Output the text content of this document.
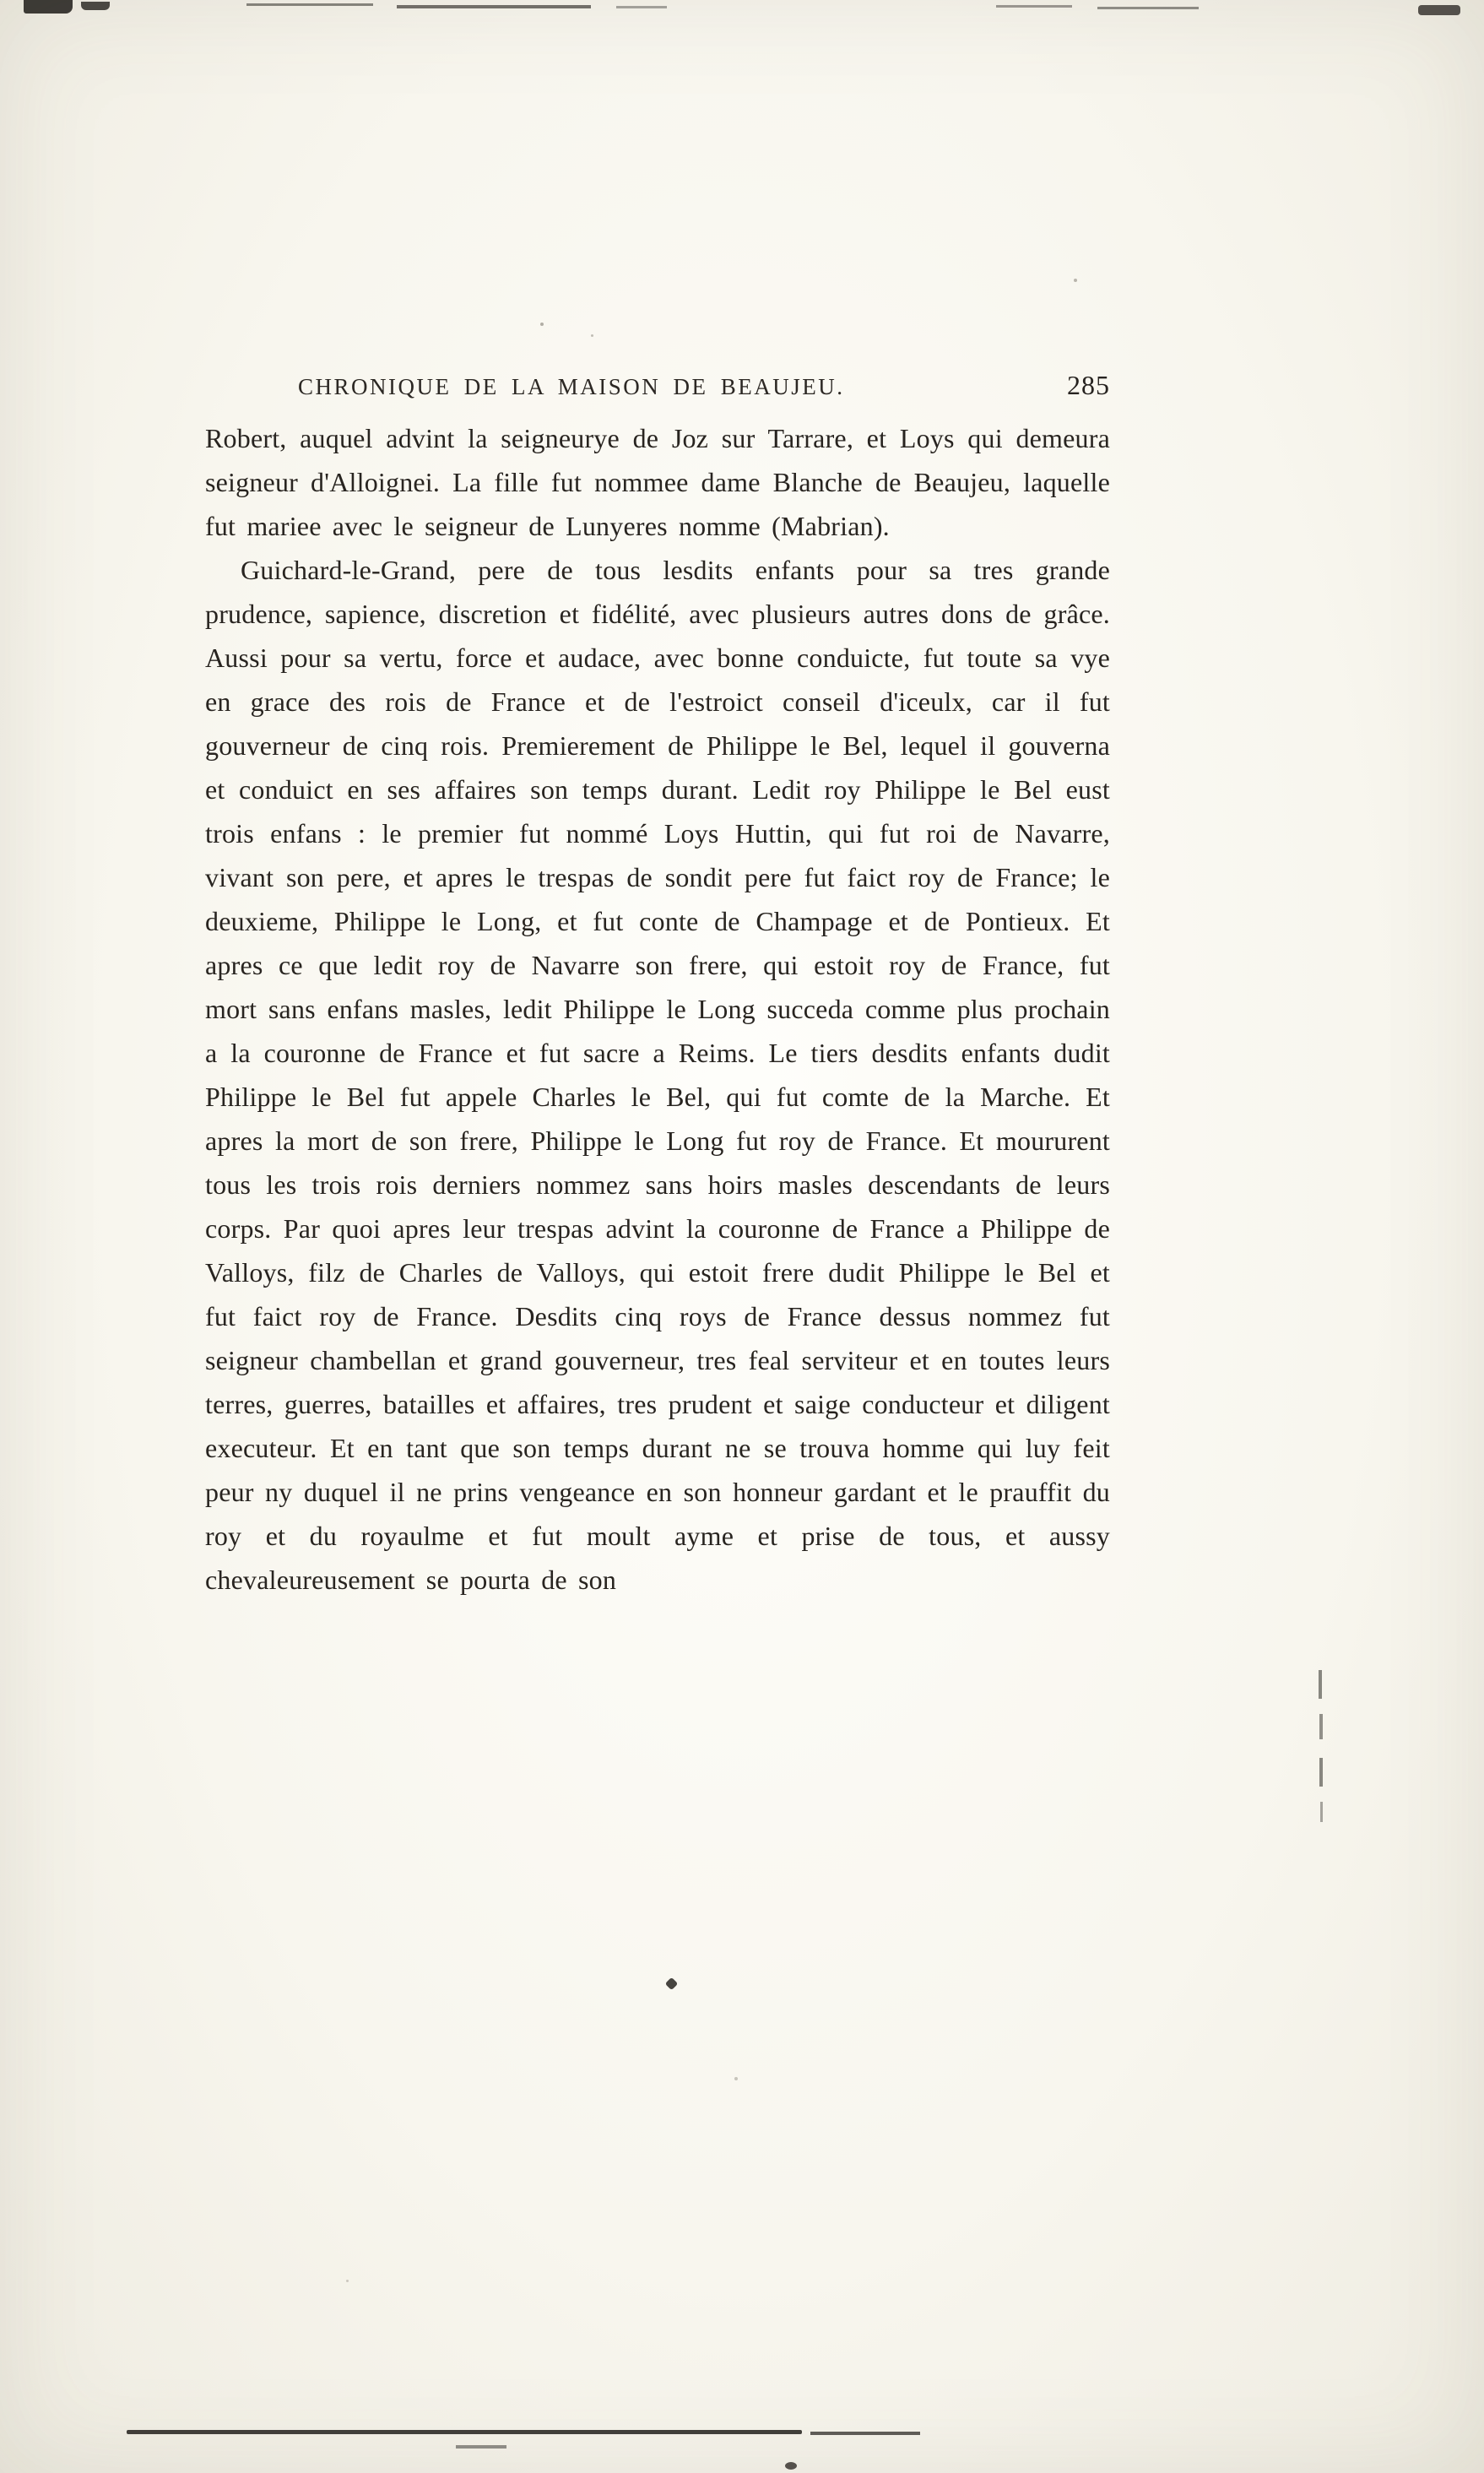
CHRONIQUE DE LA MAISON DE BEAUJEU.	285

Robert, auquel advint la seigneurye de Joz sur Tarrare, et Loys qui demeura seigneur d'Alloignei. La fille fut nommee dame Blanche de Beaujeu, laquelle fut mariee avec le seigneur de Lunyeres nomme (Mabrian).

Guichard-le-Grand, pere de tous lesdits enfants pour sa tres grande prudence, sapience, discretion et fidélité, avec plusieurs autres dons de grâce. Aussi pour sa vertu, force et audace, avec bonne conduicte, fut toute sa vye en grace des rois de France et de l'estroict conseil d'iceulx, car il fut gouverneur de cinq rois. Premierement de Philippe le Bel, lequel il gouverna et conduict en ses affaires son temps durant. Ledit roy Philippe le Bel eust trois enfans : le premier fut nommé Loys Huttin, qui fut roi de Navarre, vivant son pere, et apres le trespas de sondit pere fut faict roy de France; le deuxieme, Philippe le Long, et fut conte de Champage et de Pontieux. Et apres ce que ledit roy de Navarre son frere, qui estoit roy de France, fut mort sans enfans masles, ledit Philippe le Long succeda comme plus prochain a la couronne de France et fut sacre a Reims. Le tiers desdits enfants dudit Philippe le Bel fut appele Charles le Bel, qui fut comte de la Marche. Et apres la mort de son frere, Philippe le Long fut roy de France. Et moururent tous les trois rois derniers nommez sans hoirs masles descendants de leurs corps. Par quoi apres leur trespas advint la couronne de France a Philippe de Valloys, filz de Charles de Valloys, qui estoit frere dudit Philippe le Bel et fut faict roy de France. Desdits cinq roys de France dessus nommez fut seigneur chambellan et grand gouverneur, tres feal serviteur et en toutes leurs terres, guerres, batailles et affaires, tres prudent et saige conducteur et diligent executeur. Et en tant que son temps durant ne se trouva homme qui luy feit peur ny duquel il ne prins vengeance en son honneur gardant et le prauffit du roy et du royaulme et fut moult ayme et prise de tous, et aussy chevaleureusement se pourta de son
